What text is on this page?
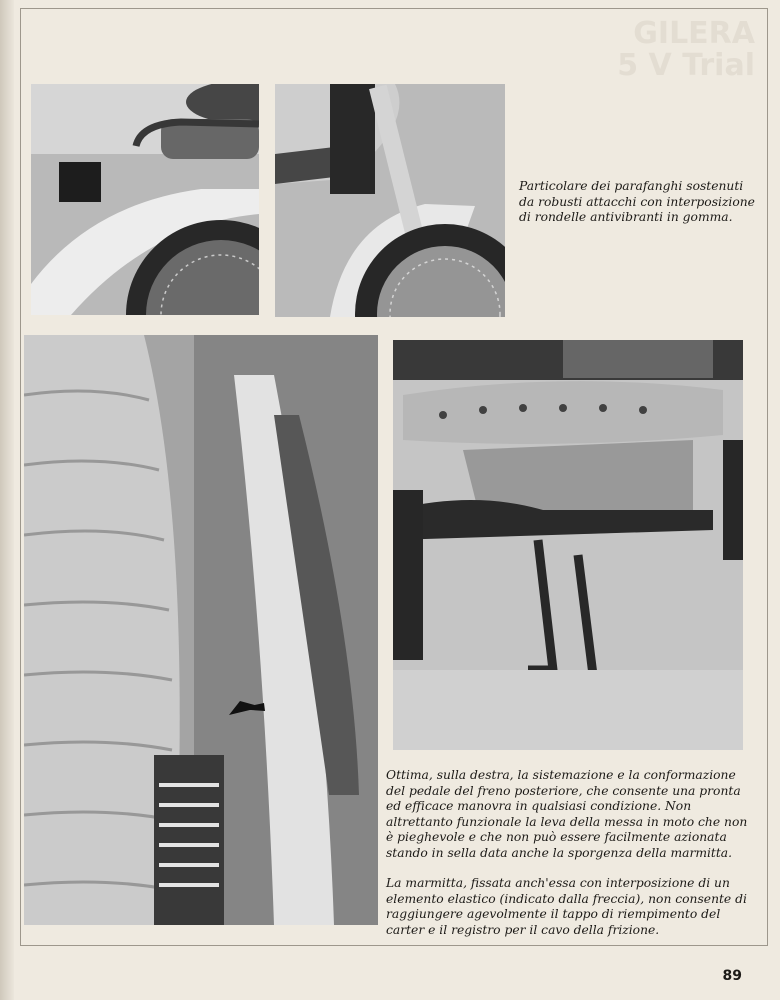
GILERA
5 V Trial

Particolare dei parafanghi sostenuti da robusti attacchi con interposizione di rondelle antivibranti in gomma.

Ottima, sulla destra, la sistemazione e la conformazione del pedale del freno posteriore, che consente una pronta ed efficace manovra in qualsiasi condizione. Non altrettanto funzionale la leva della messa in moto che non è pieghevole e che non può essere facilmente azionata stando in sella data anche la sporgenza della marmitta.

La marmitta, fissata anch'essa con interposizione di un elemento elastico (indicato dalla freccia), non consente di raggiungere agevolmente il tappo di riempimento del carter e il registro per il cavo della frizione.

89
